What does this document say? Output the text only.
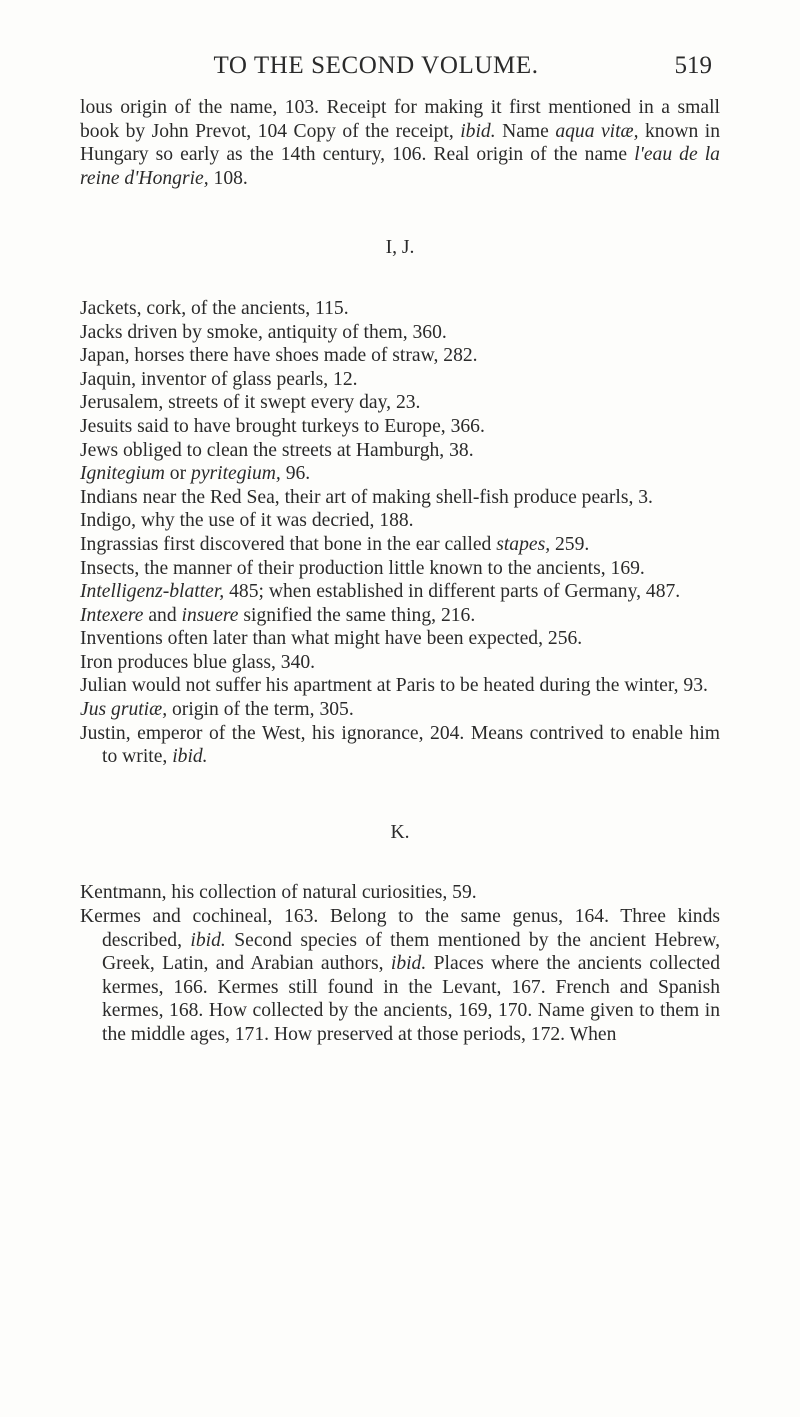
TO THE SECOND VOLUME.	519

lous origin of the name, 103. Receipt for making it first mentioned in a small book by John Prevot, 104 Copy of the receipt, ibid. Name aqua vitæ, known in Hungary so early as the 14th century, 106. Real origin of the name l'eau de la reine d'Hongrie, 108.

I, J.

Jackets, cork, of the ancients, 115.

Jacks driven by smoke, antiquity of them, 360.

Japan, horses there have shoes made of straw, 282.

Jaquin, inventor of glass pearls, 12.

Jerusalem, streets of it swept every day, 23.

Jesuits said to have brought turkeys to Europe, 366.

Jews obliged to clean the streets at Hamburgh, 38.

Ignitegium or pyritegium, 96.

Indians near the Red Sea, their art of making shell-fish produce pearls, 3.

Indigo, why the use of it was decried, 188.

Ingrassias first discovered that bone in the ear called stapes, 259.

Insects, the manner of their production little known to the ancients, 169.

Intelligenz-blatter, 485; when established in different parts of Germany, 487.

Intexere and insuere signified the same thing, 216.

Inventions often later than what might have been expected, 256.

Iron produces blue glass, 340.

Julian would not suffer his apartment at Paris to be heated during the winter, 93.

Jus grutiæ, origin of the term, 305.

Justin, emperor of the West, his ignorance, 204. Means contrived to enable him to write, ibid.

K.

Kentmann, his collection of natural curiosities, 59.

Kermes and cochineal, 163. Belong to the same genus, 164. Three kinds described, ibid. Second species of them mentioned by the ancient Hebrew, Greek, Latin, and Arabian authors, ibid. Places where the ancients collected kermes, 166. Kermes still found in the Levant, 167. French and Spanish kermes, 168. How collected by the ancients, 169, 170. Name given to them in the middle ages, 171. How preserved at those periods, 172. When
